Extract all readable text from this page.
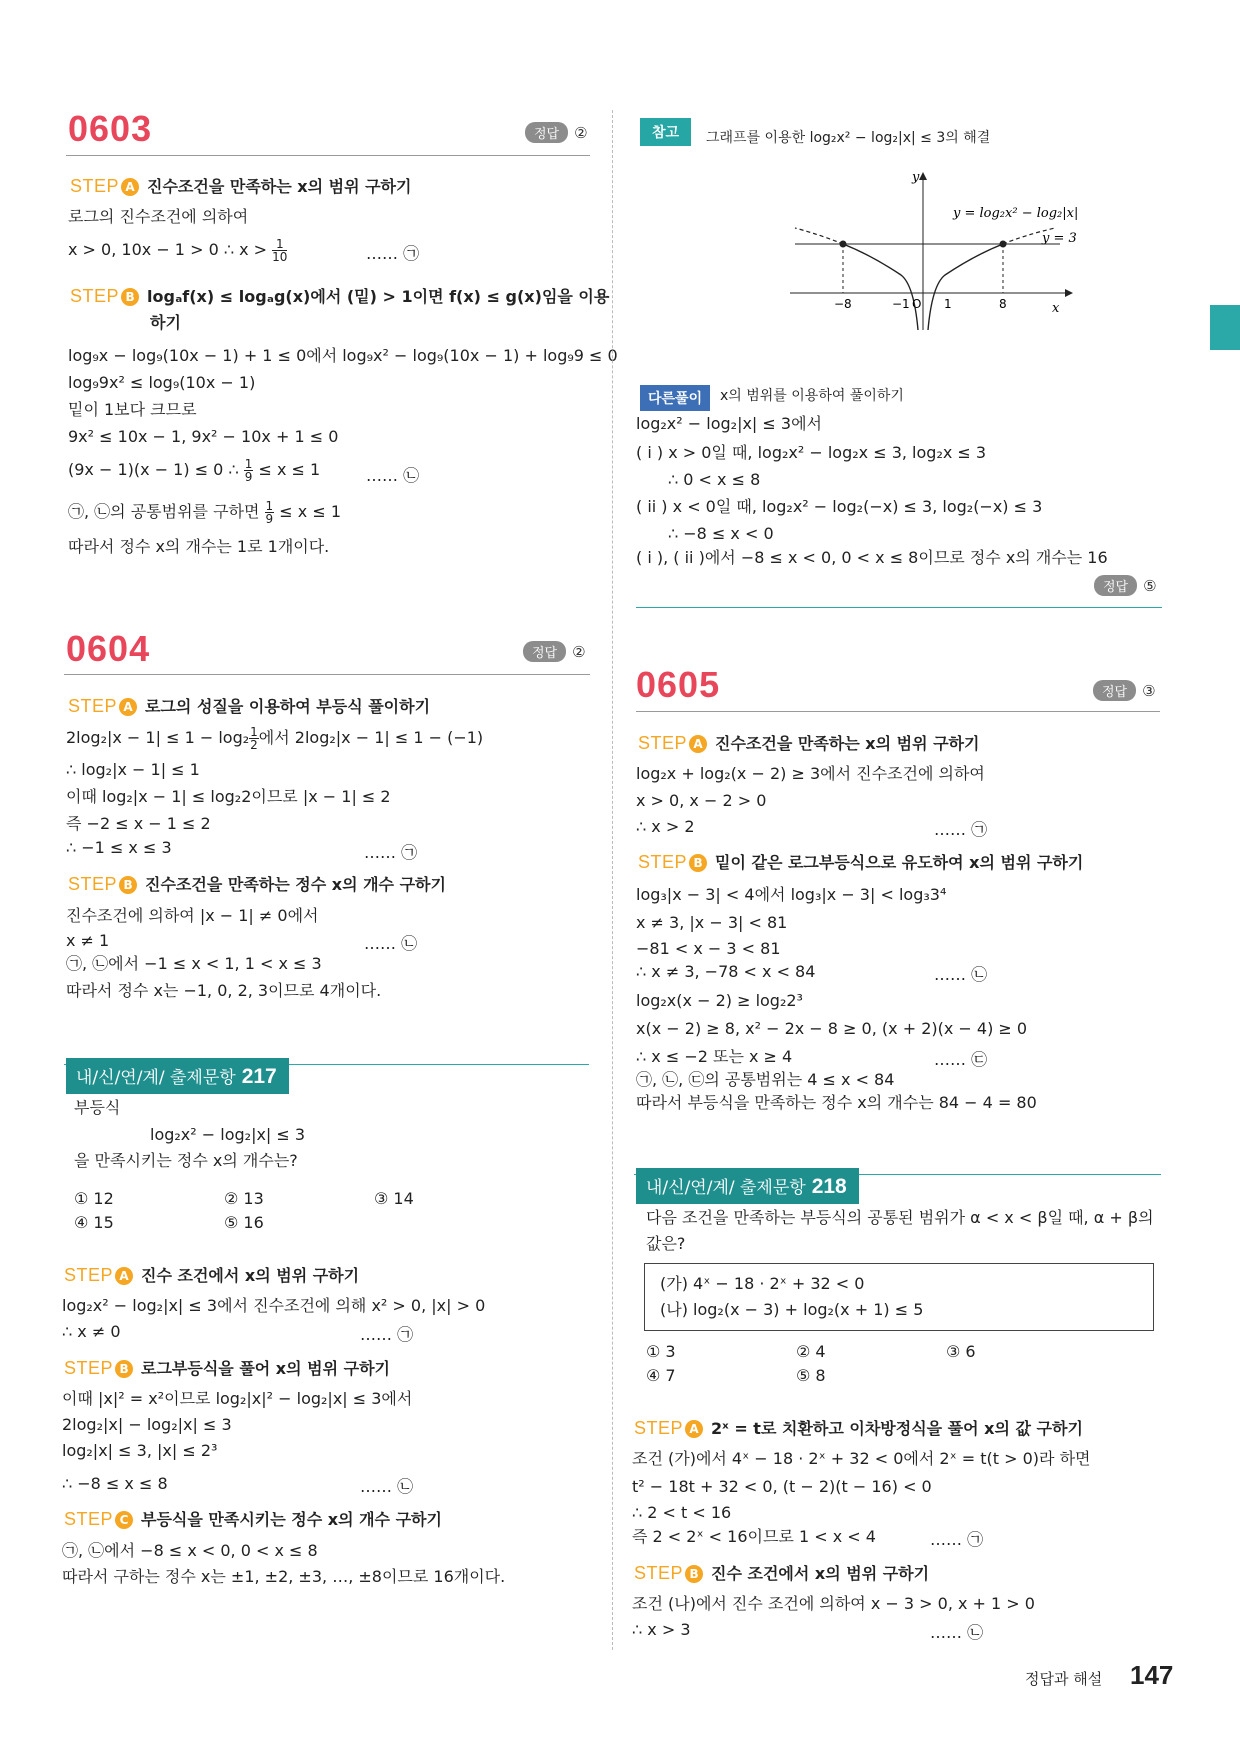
0603	정답 ②
STEP A 진수조건을 만족하는 x의 범위 구하기
로그의 진수조건에 의하여
x > 0, 10x − 1 > 0 ∴ $x > \frac{1}{10}$	…… ㉠
STEP B logₐf(x) ≤ logₐg(x)에서 (밑) > 1이면 f(x) ≤ g(x)임을 이용
하기
log₉x − log₉(10x − 1) + 1 ≤ 0에서 log₉x² − log₉(10x − 1) + log₉9 ≤ 0
log₉9x² ≤ log₉(10x − 1)
밑이 1보다 크므로
9x² ≤ 10x − 1, 9x² − 10x + 1 ≤ 0
(9x − 1)(x − 1) ≤ 0 ∴ $\frac{1}{9} \le x \le 1$	…… ㉡
㉠, ㉡의 공통범위를 구하면 $\frac{1}{9} \le x \le 1$
따라서 정수 x의 개수는 1로 1개이다.
0604	정답 ②
STEP A 로그의 성질을 이용하여 부등식 풀이하기
$2\log_2|x - 1| \le 1 - \log_2 \frac{1}{2}$ 에서 2log₂|x − 1| ≤ 1 − (−1)
∴ log₂|x − 1| ≤ 1
이때 log₂|x − 1| ≤ log₂2이므로 |x − 1| ≤ 2
즉 −2 ≤ x − 1 ≤ 2
∴ −1 ≤ x ≤ 3	…… ㉠
STEP B 진수조건을 만족하는 정수 x의 개수 구하기
진수조건에 의하여 |x − 1| ≠ 0에서
x ≠ 1	…… ㉡
㉠, ㉡에서 −1 ≤ x < 1, 1 < x ≤ 3
따라서 정수 x는 −1, 0, 2, 3이므로 4개이다.
내/신/연/계/ 출제문항 217
부등식
log₂x² − log₂|x| ≤ 3
을 만족시키는 정수 x의 개수는?
① 12	② 13	③ 14
④ 15	⑤ 16
STEP A 진수 조건에서 x의 범위 구하기
log₂x² − log₂|x| ≤ 3에서 진수조건에 의해 x² > 0, |x| > 0
∴ x ≠ 0	…… ㉠
STEP B 로그부등식을 풀어 x의 범위 구하기
이때 |x|² = x²이므로 log₂|x|² − log₂|x| ≤ 3에서
2log₂|x| − log₂|x| ≤ 3
log₂|x| ≤ 3, |x| ≤ 2³
∴ −8 ≤ x ≤ 8	…… ㉡
STEP C 부등식을 만족시키는 정수 x의 개수 구하기
㉠, ㉡에서 −8 ≤ x < 0, 0 < x ≤ 8
따라서 구하는 정수 x는 ±1, ±2, ±3, …, ±8이므로 16개이다.
참고	그래프를 이용한 log₂x² − log₂|x| ≤ 3의 해결
y = log₂x² − log₂|x|
y = 3
y
x
O
−8	−1	1	8
다른풀이	x의 범위를 이용하여 풀이하기
log₂x² − log₂|x| ≤ 3에서
( i ) x > 0일 때, log₂x² − log₂x ≤ 3, log₂x ≤ 3
∴ 0 < x ≤ 8
( ii ) x < 0일 때, log₂x² − log₂(−x) ≤ 3, log₂(−x) ≤ 3
∴ −8 ≤ x < 0
( i ), ( ii )에서 −8 ≤ x < 0, 0 < x ≤ 8이므로 정수 x의 개수는 16
정답 ⑤
0605	정답 ③
STEP A 진수조건을 만족하는 x의 범위 구하기
log₂x + log₂(x − 2) ≥ 3에서 진수조건에 의하여
x > 0, x − 2 > 0
∴ x > 2	…… ㉠
STEP B 밑이 같은 로그부등식으로 유도하여 x의 범위 구하기
log₃|x − 3| < 4에서 log₃|x − 3| < log₃3⁴
x ≠ 3, |x − 3| < 81
−81 < x − 3 < 81
∴ x ≠ 3, −78 < x < 84	…… ㉡
log₂x(x − 2) ≥ log₂2³
x(x − 2) ≥ 8, x² − 2x − 8 ≥ 0, (x + 2)(x − 4) ≥ 0
∴ x ≤ −2 또는 x ≥ 4	…… ㉢
㉠, ㉡, ㉢의 공통범위는 4 ≤ x < 84
따라서 부등식을 만족하는 정수 x의 개수는 84 − 4 = 80
내/신/연/계/ 출제문항 218
다음 조건을 만족하는 부등식의 공통된 범위가 α < x < β일 때, α + β의
값은?
(가) 4ˣ − 18 · 2ˣ + 32 < 0
(나) log₂(x − 3) + log₂(x + 1) ≤ 5
① 3	② 4	③ 6
④ 7	⑤ 8
STEP A 2ˣ = t로 치환하고 이차방정식을 풀어 x의 값 구하기
조건 (가)에서 4ˣ − 18 · 2ˣ + 32 < 0에서 2ˣ = t(t > 0)라 하면
t² − 18t + 32 < 0, (t − 2)(t − 16) < 0
∴ 2 < t < 16
즉 2 < 2ˣ < 16이므로 1 < x < 4	…… ㉠
STEP B 진수 조건에서 x의 범위 구하기
조건 (나)에서 진수 조건에 의하여 x − 3 > 0, x + 1 > 0
∴ x > 3	…… ㉡
정답과 해설 147
